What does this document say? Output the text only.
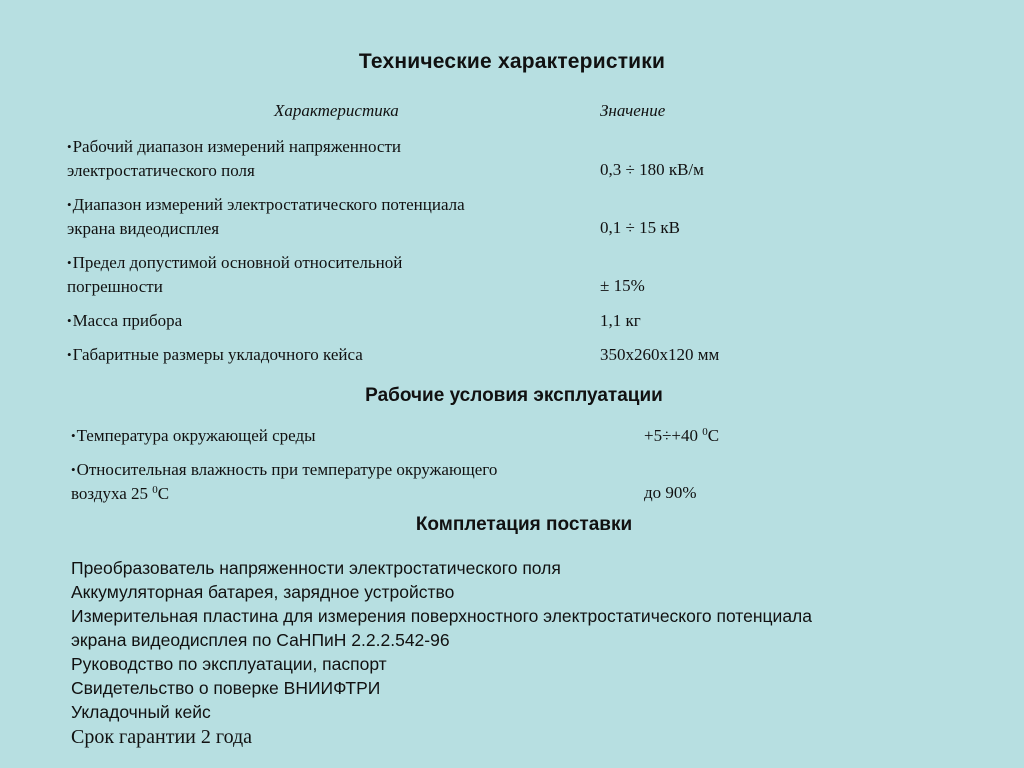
Технические характеристики
Характеристика	Значение
•Рабочий диапазон измерений напряженности
электростатического поля	0,3 ÷ 180 кВ/м
•Диапазон измерений электростатического потенциала
экрана видеодисплея	0,1 ÷ 15 кВ
•Предел допустимой основной относительной
погрешности	± 15%
•Масса прибора	1,1 кг
•Габаритные размеры укладочного кейса	350х260х120 мм
Рабочие условия эксплуатации
•Температура окружающей среды	+5÷+40 $^0$С
•Относительная влажность при температуре окружающего
воздуха 25 $^0$С	до 90%
Комплетация поставки
Преобразователь напряженности электростатического поля
Аккумуляторная батарея, зарядное устройство
Измерительная пластина для измерения поверхностного электростатического потенциала
экрана видеодисплея по СаНПиН 2.2.2.542-96
Руководство по эксплуатации, паспорт
Свидетельство о поверке ВНИИФТРИ
Укладочный кейс
Срок гарантии 2 года
